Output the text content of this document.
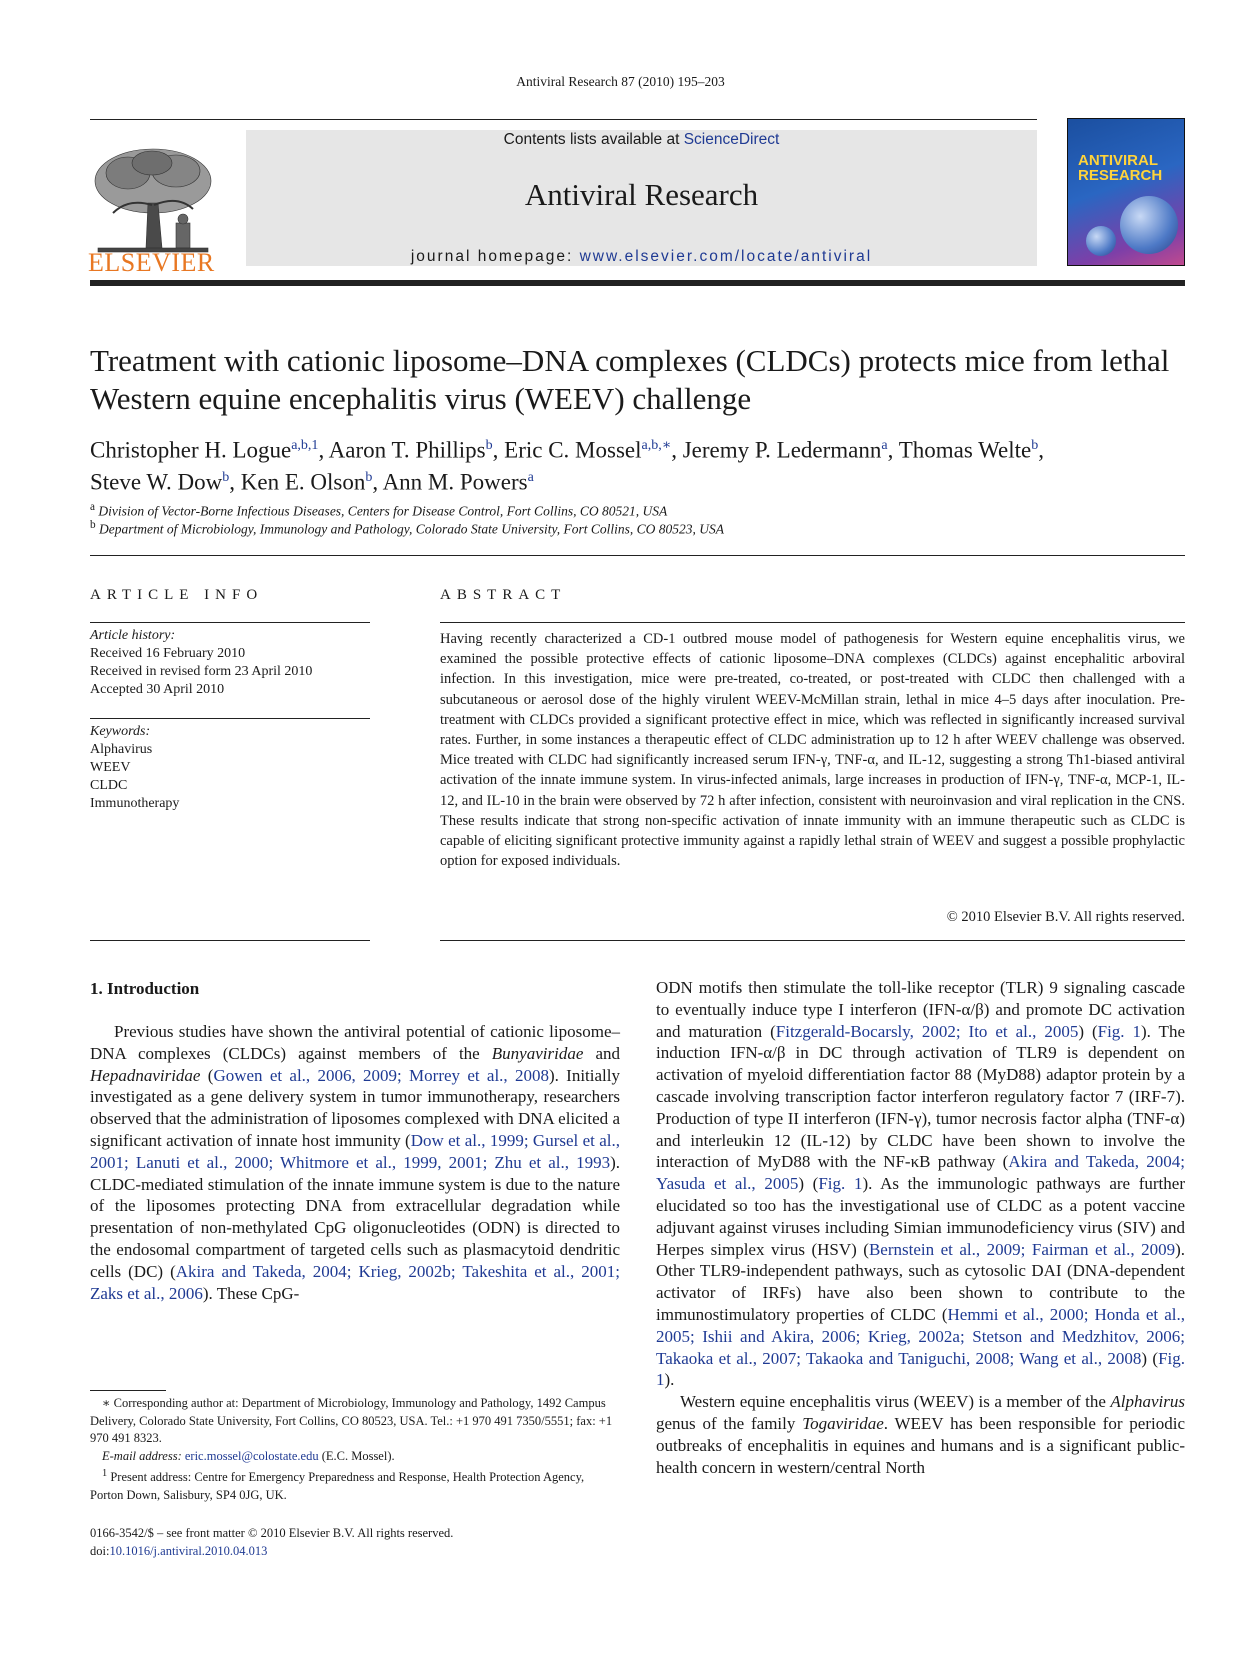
Antiviral Research 87 (2010) 195–203
ELSEVIER
Contents lists available at ScienceDirect
Antiviral Research
journal homepage: www.elsevier.com/locate/antiviral
ANTIVIRAL RESEARCH
Treatment with cationic liposome–DNA complexes (CLDCs) protects mice from lethal Western equine encephalitis virus (WEEV) challenge
Christopher H. Logue$^{a,b,1}$, Aaron T. Phillips$^b$, Eric C. Mossel$^{a,b,∗}$, Jeremy P. Ledermann$^a$, Thomas Welte$^b$,
Steve W. Dow$^b$, Ken E. Olson$^b$, Ann M. Powers$^a$
$^a$ Division of Vector-Borne Infectious Diseases, Centers for Disease Control, Fort Collins, CO 80521, USA
$^b$ Department of Microbiology, Immunology and Pathology, Colorado State University, Fort Collins, CO 80523, USA
ARTICLE INFO
Article history:
Received 16 February 2010
Received in revised form 23 April 2010
Accepted 30 April 2010
Keywords:
Alphavirus
WEEV
CLDC
Immunotherapy
ABSTRACT
Having recently characterized a CD-1 outbred mouse model of pathogenesis for Western equine encephalitis virus, we examined the possible protective effects of cationic liposome–DNA complexes (CLDCs) against encephalitic arboviral infection. In this investigation, mice were pre-treated, co-treated, or post-treated with CLDC then challenged with a subcutaneous or aerosol dose of the highly virulent WEEV-McMillan strain, lethal in mice 4–5 days after inoculation. Pre-treatment with CLDCs provided a significant protective effect in mice, which was reflected in significantly increased survival rates. Further, in some instances a therapeutic effect of CLDC administration up to 12 h after WEEV challenge was observed. Mice treated with CLDC had significantly increased serum IFN-γ, TNF-α, and IL-12, suggesting a strong Th1-biased antiviral activation of the innate immune system. In virus-infected animals, large increases in production of IFN-γ, TNF-α, MCP-1, IL-12, and IL-10 in the brain were observed by 72 h after infection, consistent with neuroinvasion and viral replication in the CNS. These results indicate that strong non-specific activation of innate immunity with an immune therapeutic such as CLDC is capable of eliciting significant protective immunity against a rapidly lethal strain of WEEV and suggest a possible prophylactic option for exposed individuals.
© 2010 Elsevier B.V. All rights reserved.
1. Introduction

Previous studies have shown the antiviral potential of cationic liposome–DNA complexes (CLDCs) against members of the Bunyaviridae and Hepadnaviridae (Gowen et al., 2006, 2009; Morrey et al., 2008). Initially investigated as a gene delivery system in tumor immunotherapy, researchers observed that the administration of liposomes complexed with DNA elicited a significant activation of innate host immunity (Dow et al., 1999; Gursel et al., 2001; Lanuti et al., 2000; Whitmore et al., 1999, 2001; Zhu et al., 1993). CLDC-mediated stimulation of the innate immune system is due to the nature of the liposomes protecting DNA from extracellular degradation while presentation of non-methylated CpG oligonucleotides (ODN) is directed to the endosomal compartment of targeted cells such as plasmacytoid dendritic cells (DC) (Akira and Takeda, 2004; Krieg, 2002b; Takeshita et al., 2001; Zaks et al., 2006). These CpG-

ODN motifs then stimulate the toll-like receptor (TLR) 9 signaling cascade to eventually induce type I interferon (IFN-α/β) and promote DC activation and maturation (Fitzgerald-Bocarsly, 2002; Ito et al., 2005) (Fig. 1). The induction IFN-α/β in DC through activation of TLR9 is dependent on activation of myeloid differentiation factor 88 (MyD88) adaptor protein by a cascade involving transcription factor interferon regulatory factor 7 (IRF-7). Production of type II interferon (IFN-γ), tumor necrosis factor alpha (TNF-α) and interleukin 12 (IL-12) by CLDC have been shown to involve the interaction of MyD88 with the NF-κB pathway (Akira and Takeda, 2004; Yasuda et al., 2005) (Fig. 1). As the immunologic pathways are further elucidated so too has the investigational use of CLDC as a potent vaccine adjuvant against viruses including Simian immunodeficiency virus (SIV) and Herpes simplex virus (HSV) (Bernstein et al., 2009; Fairman et al., 2009). Other TLR9-independent pathways, such as cytosolic DAI (DNA-dependent activator of IRFs) have also been shown to contribute to the immunostimulatory properties of CLDC (Hemmi et al., 2000; Honda et al., 2005; Ishii and Akira, 2006; Krieg, 2002a; Stetson and Medzhitov, 2006; Takaoka et al., 2007; Takaoka and Taniguchi, 2008; Wang et al., 2008) (Fig. 1).

Western equine encephalitis virus (WEEV) is a member of the Alphavirus genus of the family Togaviridae. WEEV has been responsible for periodic outbreaks of encephalitis in equines and humans and is a significant public-health concern in western/central North

∗ Corresponding author at: Department of Microbiology, Immunology and Pathology, 1492 Campus Delivery, Colorado State University, Fort Collins, CO 80523, USA. Tel.: +1 970 491 7350/5551; fax: +1 970 491 8323.

E-mail address: eric.mossel@colostate.edu (E.C. Mossel).

$^1$ Present address: Centre for Emergency Preparedness and Response, Health Protection Agency, Porton Down, Salisbury, SP4 0JG, UK.

0166-3542/$ – see front matter © 2010 Elsevier B.V. All rights reserved.
doi:10.1016/j.antiviral.2010.04.013
